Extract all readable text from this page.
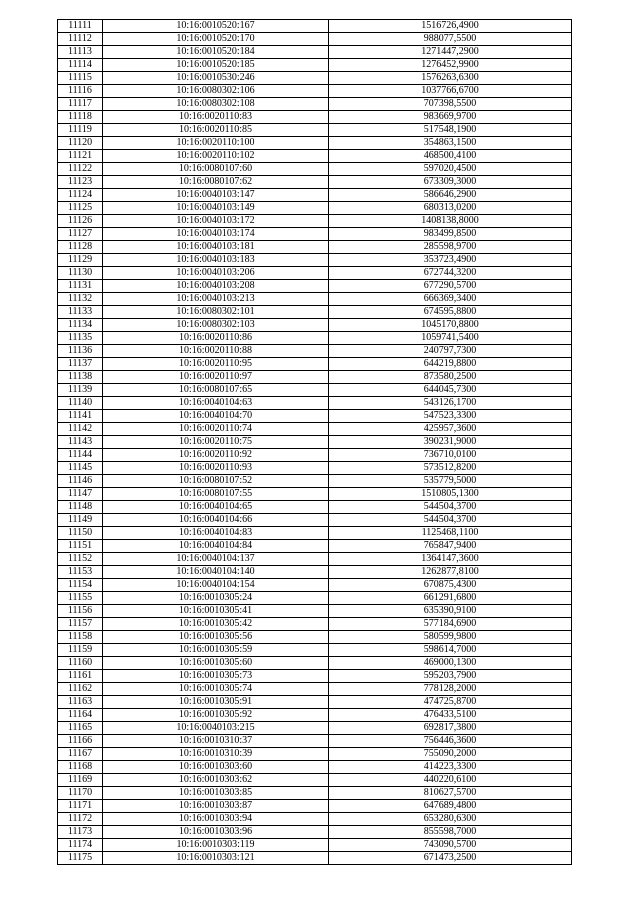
11111	10:16:0010520:167	1516726,4900
11112	10:16:0010520:170	988077,5500
11113	10:16:0010520:184	1271447,2900
11114	10:16:0010520:185	1276452,9900
11115	10:16:0010530:246	1576263,6300
11116	10:16:0080302:106	1037766,6700
11117	10:16:0080302:108	707398,5500
11118	10:16:0020110:83	983669,9700
11119	10:16:0020110:85	517548,1900
11120	10:16:0020110:100	354863,1500
11121	10:16:0020110:102	468500,4100
11122	10:16:0080107:60	597020,4500
11123	10:16:0080107:62	673309,3000
11124	10:16:0040103:147	586646,2900
11125	10:16:0040103:149	680313,0200
11126	10:16:0040103:172	1408138,8000
11127	10:16:0040103:174	983499,8500
11128	10:16:0040103:181	285598,9700
11129	10:16:0040103:183	353723,4900
11130	10:16:0040103:206	672744,3200
11131	10:16:0040103:208	677290,5700
11132	10:16:0040103:213	666369,3400
11133	10:16:0080302:101	674595,8800
11134	10:16:0080302:103	1045170,8800
11135	10:16:0020110:86	1059741,5400
11136	10:16:0020110:88	240797,7300
11137	10:16:0020110:95	644219,8800
11138	10:16:0020110:97	873580,2500
11139	10:16:0080107:65	644045,7300
11140	10:16:0040104:63	543126,1700
11141	10:16:0040104:70	547523,3300
11142	10:16:0020110:74	425957,3600
11143	10:16:0020110:75	390231,9000
11144	10:16:0020110:92	736710,0100
11145	10:16:0020110:93	573512,8200
11146	10:16:0080107:52	535779,5000
11147	10:16:0080107:55	1510805,1300
11148	10:16:0040104:65	544504,3700
11149	10:16:0040104:66	544504,3700
11150	10:16:0040104:83	1125468,1100
11151	10:16:0040104:84	765847,9400
11152	10:16:0040104:137	1364147,3600
11153	10:16:0040104:140	1262877,8100
11154	10:16:0040104:154	670875,4300
11155	10:16:0010305:24	661291,6800
11156	10:16:0010305:41	635390,9100
11157	10:16:0010305:42	577184,6900
11158	10:16:0010305:56	580599,9800
11159	10:16:0010305:59	598614,7000
11160	10:16:0010305:60	469000,1300
11161	10:16:0010305:73	595203,7900
11162	10:16:0010305:74	778128,2000
11163	10:16:0010305:91	474725,8700
11164	10:16:0010305:92	476433,5100
11165	10:16:0040103:215	692817,3800
11166	10:16:0010310:37	756446,3600
11167	10:16:0010310:39	755090,2000
11168	10:16:0010303:60	414223,3300
11169	10:16:0010303:62	440220,6100
11170	10:16:0010303:85	810627,5700
11171	10:16:0010303:87	647689,4800
11172	10:16:0010303:94	653280,6300
11173	10:16:0010303:96	855598,7000
11174	10:16:0010303:119	743090,5700
11175	10:16:0010303:121	671473,2500
